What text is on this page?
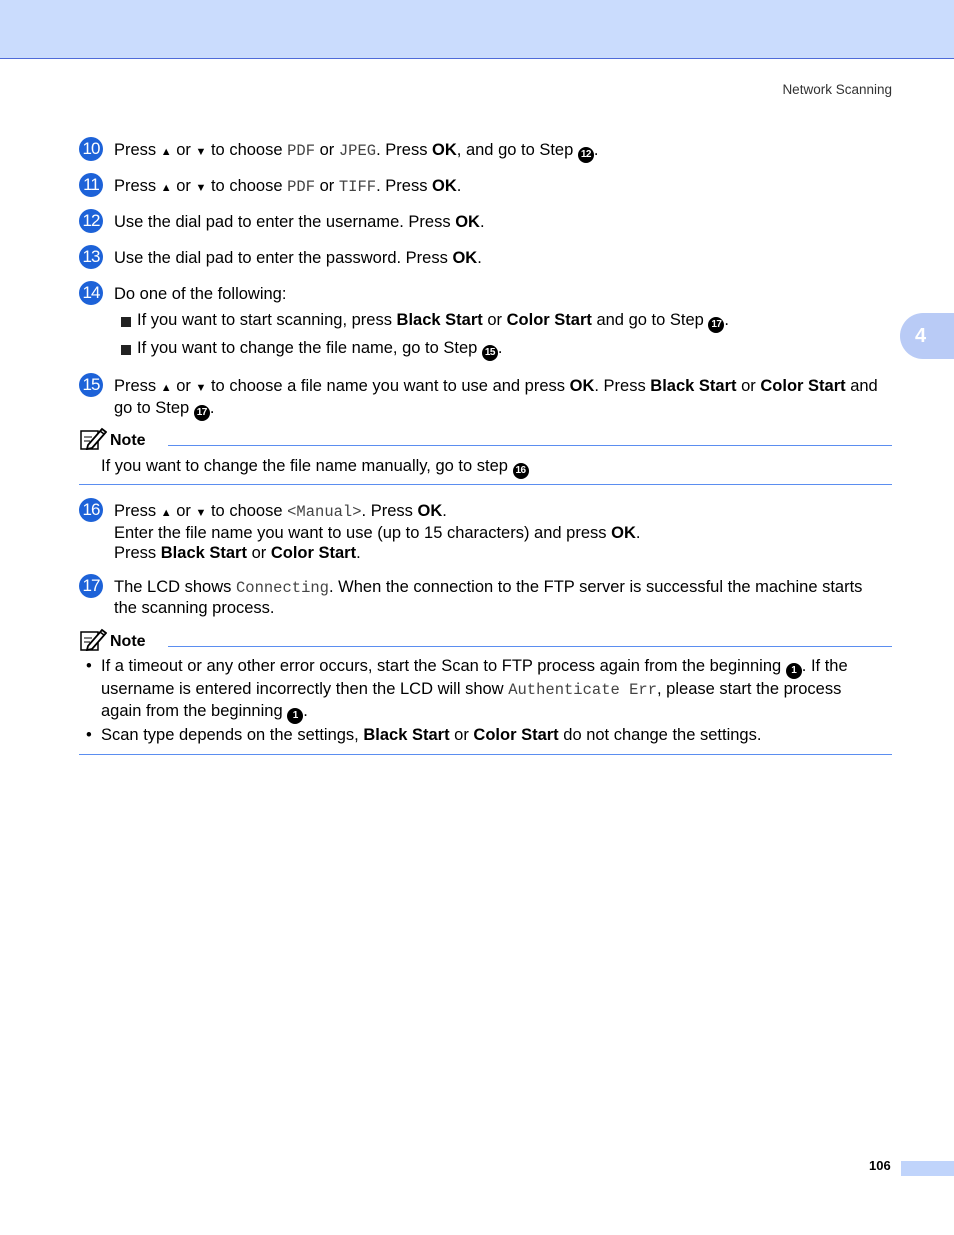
Network Scanning
4
10 Press ▲ or ▼ to choose PDF or JPEG. Press OK, and go to Step 12 .
11 Press ▲ or ▼ to choose PDF or TIFF. Press OK.
12 Use the dial pad to enter the username. Press OK.
13 Use the dial pad to enter the password. Press OK.
14 Do one of the following:
If you want to start scanning, press Black Start or Color Start and go to Step 17 .
If you want to change the file name, go to Step 15 .
15 Press ▲ or ▼ to choose a file name you want to use and press OK. Press Black Start or Color Start and
go to Step 17 .
Note
If you want to change the file name manually, go to step 16
16 Press ▲ or ▼ to choose <Manual>. Press OK.
Enter the file name you want to use (up to 15 characters) and press OK.
Press Black Start or Color Start.
17 The LCD shows Connecting. When the connection to the FTP server is successful the machine starts
the scanning process.
Note
• If a timeout or any other error occurs, start the Scan to FTP process again from the beginning 1 . If the
username is entered incorrectly then the LCD will show Authenticate Err, please start the process
again from the beginning 1 .
• Scan type depends on the settings, Black Start or Color Start do not change the settings.
106
